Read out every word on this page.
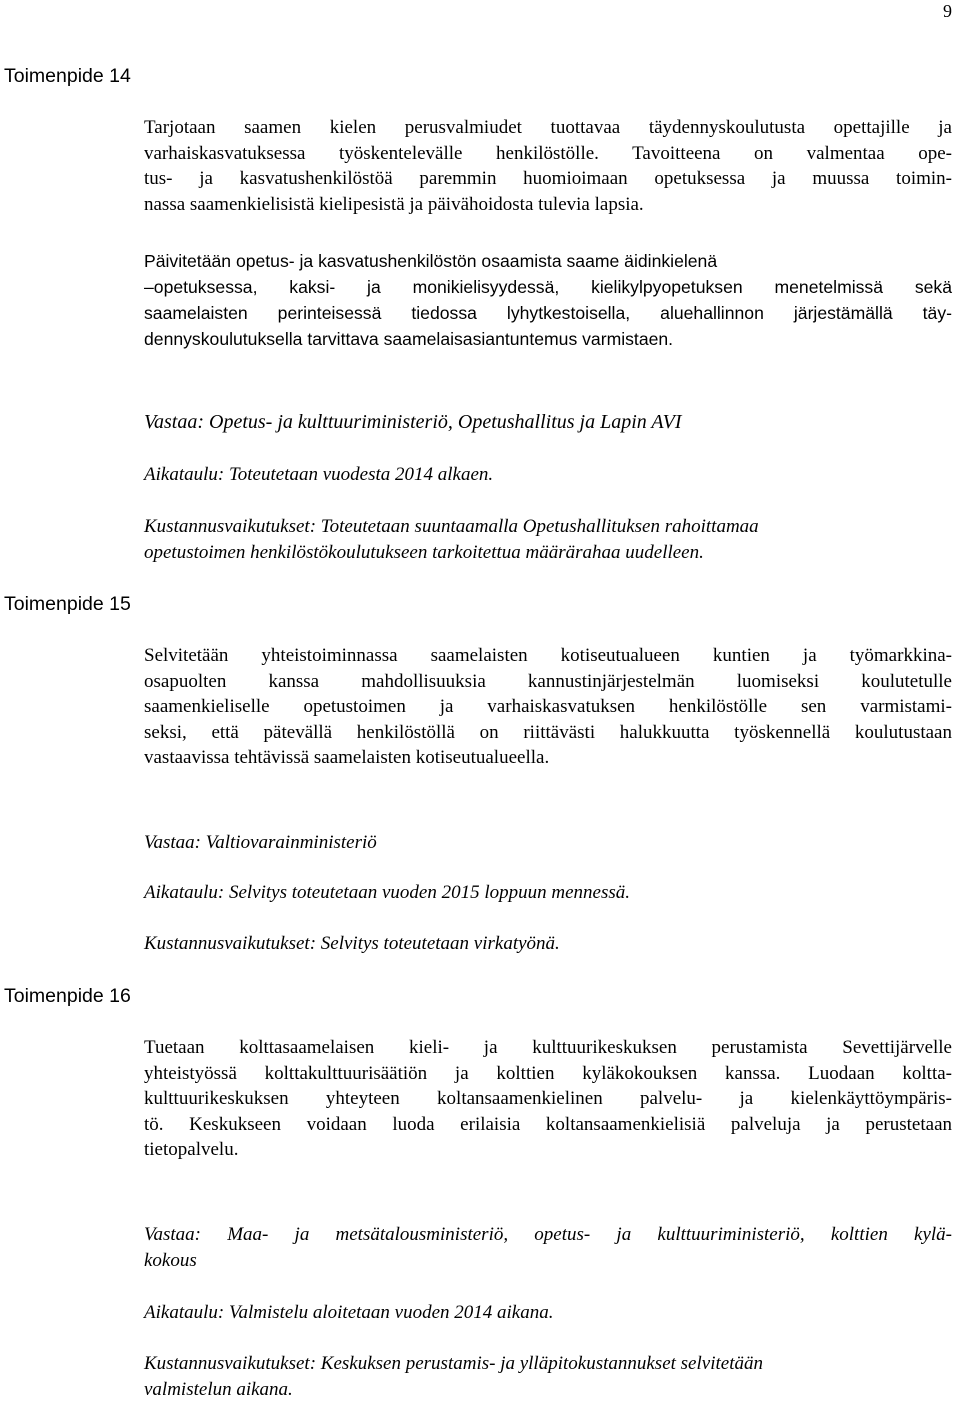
9
Toimenpide 14
Tarjotaan saamen kielen perusvalmiudet tuottavaa täydennyskoulutusta opettajille ja
varhaiskasvatuksessa työskentelevälle henkilöstölle. Tavoitteena on valmentaa ope-
tus- ja kasvatushenkilöstöä paremmin huomioimaan opetuksessa ja muussa toimin-
nassa saamenkielisistä kielipesistä ja päivähoidosta tulevia lapsia.
Päivitetään opetus- ja kasvatushenkilöstön osaamista saame äidinkielenä
–opetuksessa, kaksi- ja monikielisyydessä, kielikylpyopetuksen menetelmissä sekä
saamelaisten perinteisessä tiedossa lyhytkestoisella, aluehallinnon järjestämällä täy-
dennyskoulutuksella tarvittava saamelaisasiantuntemus varmistaen.
Vastaa: Opetus- ja kulttuuriministeriö, Opetushallitus ja Lapin AVI
Aikataulu: Toteutetaan vuodesta 2014 alkaen.
Kustannusvaikutukset: Toteutetaan suuntaamalla Opetushallituksen rahoittamaa
opetustoimen henkilöstökoulutukseen tarkoitettua määrärahaa uudelleen.
Toimenpide 15
Selvitetään yhteistoiminnassa saamelaisten kotiseutualueen kuntien ja työmarkkina-
osapuolten kanssa mahdollisuuksia kannustinjärjestelmän luomiseksi koulutetulle
saamenkieliselle opetustoimen ja varhaiskasvatuksen henkilöstölle sen varmistami-
seksi, että pätevällä henkilöstöllä on riittävästi halukkuutta työskennellä koulutustaan
vastaavissa tehtävissä saamelaisten kotiseutualueella.
Vastaa: Valtiovarainministeriö
Aikataulu: Selvitys toteutetaan vuoden 2015 loppuun mennessä.
Kustannusvaikutukset: Selvitys toteutetaan virkatyönä.
Toimenpide 16
Tuetaan kolttasaamelaisen kieli- ja kulttuurikeskuksen perustamista Sevettijärvelle
yhteistyössä kolttakulttuurisäätiön ja kolttien kyläkokouksen kanssa. Luodaan koltta-
kulttuurikeskuksen yhteyteen koltansaamenkielinen palvelu- ja kielenkäyttöympäris-
tö. Keskukseen voidaan luoda erilaisia koltansaamenkielisiä palveluja ja perustetaan
tietopalvelu.
Vastaa: Maa- ja metsätalousministeriö, opetus- ja kulttuuriministeriö, kolttien kylä-
kokous
Aikataulu: Valmistelu aloitetaan vuoden 2014 aikana.
Kustannusvaikutukset: Keskuksen perustamis- ja ylläpitokustannukset selvitetään
valmistelun aikana.
